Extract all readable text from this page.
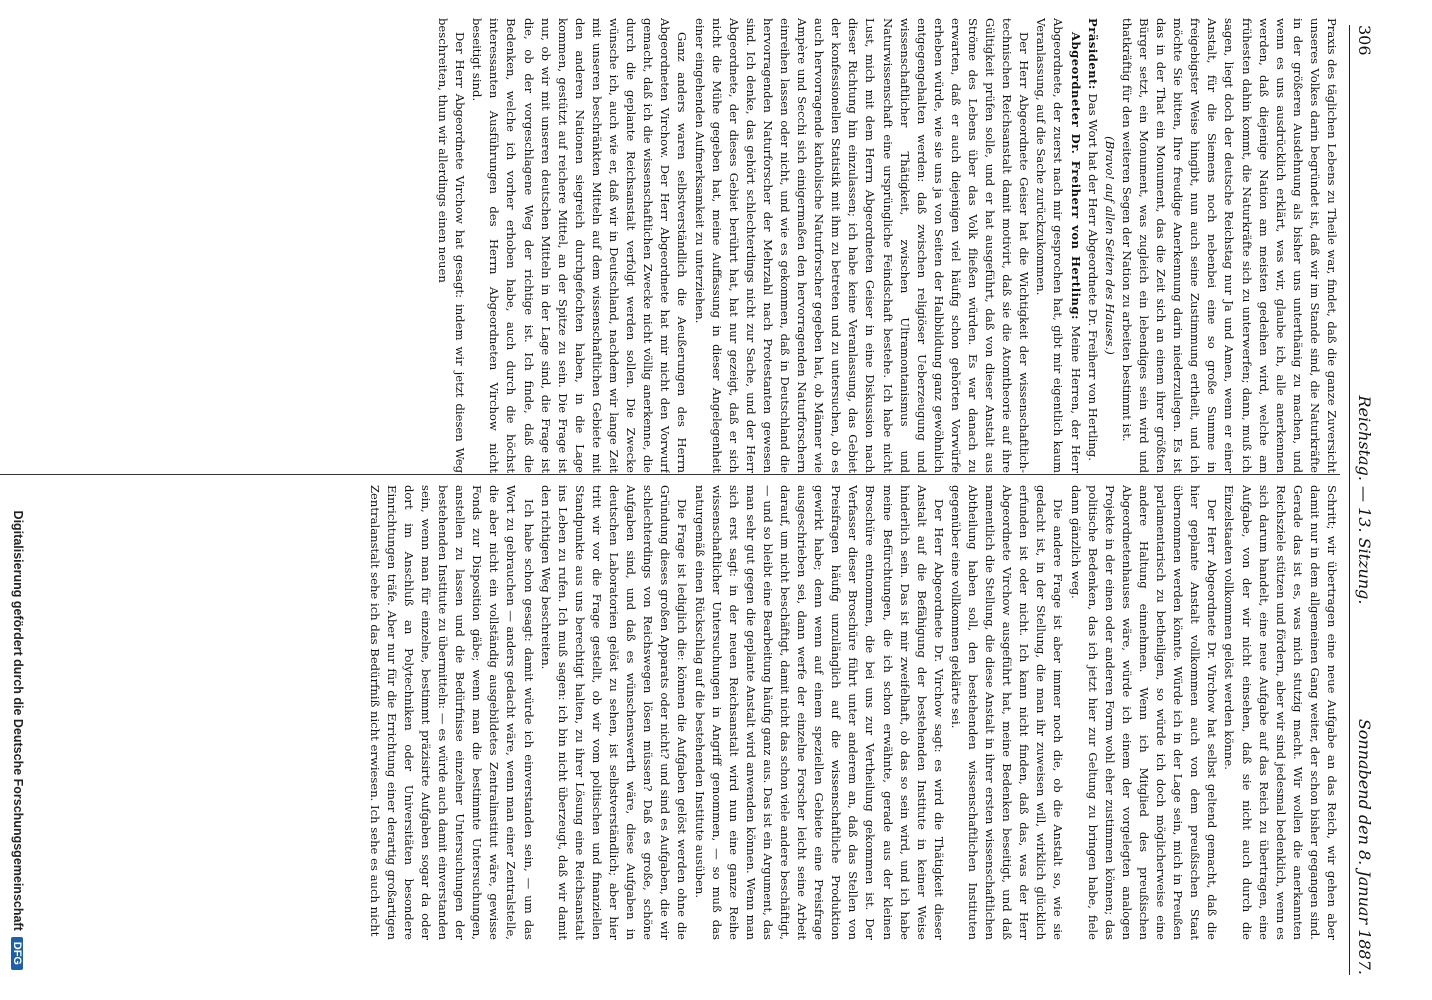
306
Reichstag. — 13. Sitzung.
Sonnabend den 8. Januar 1887.

Praxis des täglichen Lebens zu Theile war, findet, daß die ganze Zuversicht unseres Volkes darin begründet ist, daß wir im Stande sind, die Naturkräfte in der größeren Ausdehnung als bisher uns unterthänig zu machen, und wenn es uns ausdrücklich erklärt, was wir, glaube ich, alle anerkennen werden, daß diejenige Nation am meisten gedeihen wird, welche am frühesten dahin kommt, die Naturkräfte sich zu unterwerfen; dann, muß ich sagen, liegt doch der deutsche Reichstag nur Ja und Amen, wenn er einer Anstalt, für die Siemens noch nebenbei eine so große Summe in freigebigster Weise hingibt, nun auch seine Zustimmung ertheilt, und ich möchte Sie bitten, Ihre freudige Anerkennung darin niederzulegen. Es ist das in der That ein Monument, das die Zeit sich an einem ihrer größten Bürger setzt, ein Monument, was zugleich ein lebendiges sein wird und thatkräftig für den weiteren Segen der Nation zu arbeiten bestimmt ist.

(Bravo! auf allen Seiten des Hauses.)

Präsident: Das Wort hat der Herr Abgeordnete Dr. Freiherr von Hertling.

Abgeordneter Dr. Freiherr von Hertling: Meine Herren, der Herr Abgeordnete, der zuerst nach mir gesprochen hat, gibt mir eigentlich kaum Veranlassung, auf die Sache zurückzukommen.

Der Herr Abgeordnete Geiser hat die Wichtigkeit der wissenschaftlich-technischen Reichsanstalt damit motivirt, daß sie die Atomtheorie auf ihre Gültigkeit prüfen solle, und er hat ausgeführt, daß von dieser Anstalt aus Ströme des Lebens über das Volk fließen würden. Es war danach zu erwarten, daß er auch diejenigen viel häufig schon gehörten Vorwürfe erheben würde, wie sie uns ja von Seiten der Halbbildung ganz gewöhnlich entgegengehalten werden: daß zwischen religiöser Ueberzeugung und wissenschaftlicher Thätigkeit, zwischen Ultramontanismus und Naturwissenschaft eine ursprüngliche Feindschaft bestehe. Ich habe nicht Lust, mich mit dem Herrn Abgeordneten Geiser in eine Diskussion nach dieser Richtung hin einzulassen; ich habe keine Veranlassung, das Gebiet der konfessionellen Statistik mit ihm zu betreten und zu untersuchen, ob es auch hervorragende katholische Naturforscher gegeben hat, ob Männer wie Ampère und Secchi sich einigermaßen den hervorragenden Naturforschern einreihen lassen oder nicht, und wie es gekommen, daß in Deutschland die hervorragenden Naturforscher der Mehrzahl nach Protestanten gewesen sind. Ich denke, das gehört schlechterdings nicht zur Sache, und der Herr Abgeordnete, der dieses Gebiet berührt hat, hat nur gezeigt, daß er sich nicht die Mühe gegeben hat, meine Auffassung in dieser Angelegenheit einer eingehenden Aufmerksamkeit zu unterziehen.

Ganz anders waren selbstverständlich die Aeußerungen des Herrn Abgeordneten Virchow. Der Herr Abgeordnete hat mir nicht den Vorwurf gemacht, daß ich die wissenschaftlichen Zwecke nicht völlig anerkenne, die durch die geplante Reichsanstalt verfolgt werden sollen. Die Zwecke wünsche ich, auch wie er, daß wir in Deutschland, nachdem wir lange Zeit mit unseren beschränkten Mitteln auf dem wissenschaftlichen Gebiete mit den anderen Nationen siegreich durchgefochten haben, in die Lage kommen, gestützt auf reichere Mittel, an der Spitze zu sein. Die Frage ist nur, ob wir mit unseren deutschen Mitteln in der Lage sind, die Frage ist die, ob der vorgeschlagene Weg der richtige ist. Ich finde, daß die Bedenken, welche ich vorher erhoben habe, auch durch die höchst interessanten Ausführungen des Herrn Abgeordneten Virchow nicht beseitigt sind.

Der Herr Abgeordnete Virchow hat gesagt: indem wir jetzt diesen Weg beschreiten, thun wir allerdings einen neuen

Schritt; wir übertragen eine neue Aufgabe an das Reich, wir gehen aber damit nur in dem allgemeinen Gang weiter, der schon bisher gegangen sind. Gerade das ist es, was mich stutzig macht. Wir wollen die anerkannten Reichsziele stützen und fördern, aber wir sind jedesmal bedenklich, wenn es sich darum handelt, eine neue Aufgabe auf das Reich zu übertragen, eine Aufgabe, von der wir nicht einsehen, daß sie nicht auch durch die Einzelstaaten vollkommen gelöst werden könne.

Der Herr Abgeordnete Dr. Virchow hat selbst geltend gemacht, daß die hier geplante Anstalt vollkommen auch von dem preußischen Staat übernommen werden könnte. Würde ich in der Lage sein, mich in Preußen parlamentarisch zu betheiligen, so würde ich doch möglicherweise eine andere Haltung einnehmen. Wenn ich Mitglied des preußischen Abgeordnetenhauses wäre, würde ich einem der vorgelegten analogen Projekte in der einen oder anderen Form wohl eher zustimmen können; das politische Bedenken, das ich jetzt hier zur Geltung zu bringen habe, fiele dann gänzlich weg.

Die andere Frage ist aber immer noch die, ob die Anstalt so, wie sie gedacht ist, in der Stellung, die man ihr zuweisen will, wirklich glücklich erfunden ist oder nicht. Ich kann nicht finden, daß das, was der Herr Abgeordnete Virchow ausgeführt hat, meine Bedenken beseitigt, und daß namentlich die Stellung, die diese Anstalt in ihrer ersten wissenschaftlichen Abtheilung haben soll, den bestehenden wissenschaftlichen Instituten gegenüber eine vollkommen geklärte sei.

Der Herr Abgeordnete Dr. Virchow sagt: es wird die Thätigkeit dieser Anstalt auf die Befähigung der bestehenden Institute in keiner Weise hinderlich sein. Das ist mir zweifelhaft, ob das so sein wird, und ich habe meine Befürchtungen, die ich schon erwähnte, gerade aus der kleinen Broschüre entnommen, die bei uns zur Vertheilung gekommen ist. Der Verfasser dieser Broschüre führt unter anderem an, daß das Stellen von Preisfragen häufig unzulänglich auf die wissenschaftliche Produktion gewirkt habe; denn wenn auf einem speziellen Gebiete eine Preisfrage ausgeschrieben sei, dann werfe der einzelne Forscher leicht seine Arbeit darauf, um nicht beschäftigt, damit nicht das schon viele andere beschäftigt, — und so bleibt eine Bearbeitung häufig ganz aus. Das ist ein Argument, das man sehr gut gegen die geplante Anstalt wird anwenden können. Wenn man sich erst sagt: in der neuen Reichsanstalt wird nun eine ganze Reihe wissenschaftlicher Untersuchungen in Angriff genommen, — so muß das naturgemäß einen Rückschlag auf die bestehenden Institute ausüben.

Die Frage ist lediglich die: können die Aufgaben gelöst werden ohne die Gründung dieses großen Apparats oder nicht? und sind es Aufgaben, die wir schlechterdings von Reichswegen lösen müssen? Daß es große, schöne Aufgaben sind, und daß es wünschenswerth wäre, diese Aufgaben in deutschen Laboratorien gelöst zu sehen, ist selbstverständlich; aber hier tritt wir vor die Frage gestellt, ob wir vom politischen und finanziellen Standpunkte aus uns berechtigt halten, zu ihrer Lösung eine Reichsanstalt ins Leben zu rufen. Ich muß sagen: ich bin nicht überzeugt, daß wir damit den richtigen Weg beschreiten.

Ich habe schon gesagt: damit würde ich einverstanden sein, — um das Wort zu gebrauchen — anders gedacht wäre, wenn man einer Zentralstelle, die aber nicht ein vollständig ausgebildetes Zentralinstitut wäre, gewisse Fonds zur Disposition gäbe; wenn man die bestimmte Untersuchungen, anstellen zu lassen und die Bedürfnisse einzelner Untersuchungen der bestehenden Institute zu übermitteln: — es würde auch damit einverstanden sein, wenn man für einzelne, bestimmt präzisirte Aufgaben sogar da oder dort im Anschluß an Polytechniken oder Universitäten besondere Einrichtungen träfe. Aber nur für die Errichtung einer derartig großartigen Zentralanstalt sehe ich das Bedürfniß nicht erwiesen. Ich sehe es auch nicht

Digitalisierung gefördert durch die Deutsche ForschungsgemeinschaftDFG
